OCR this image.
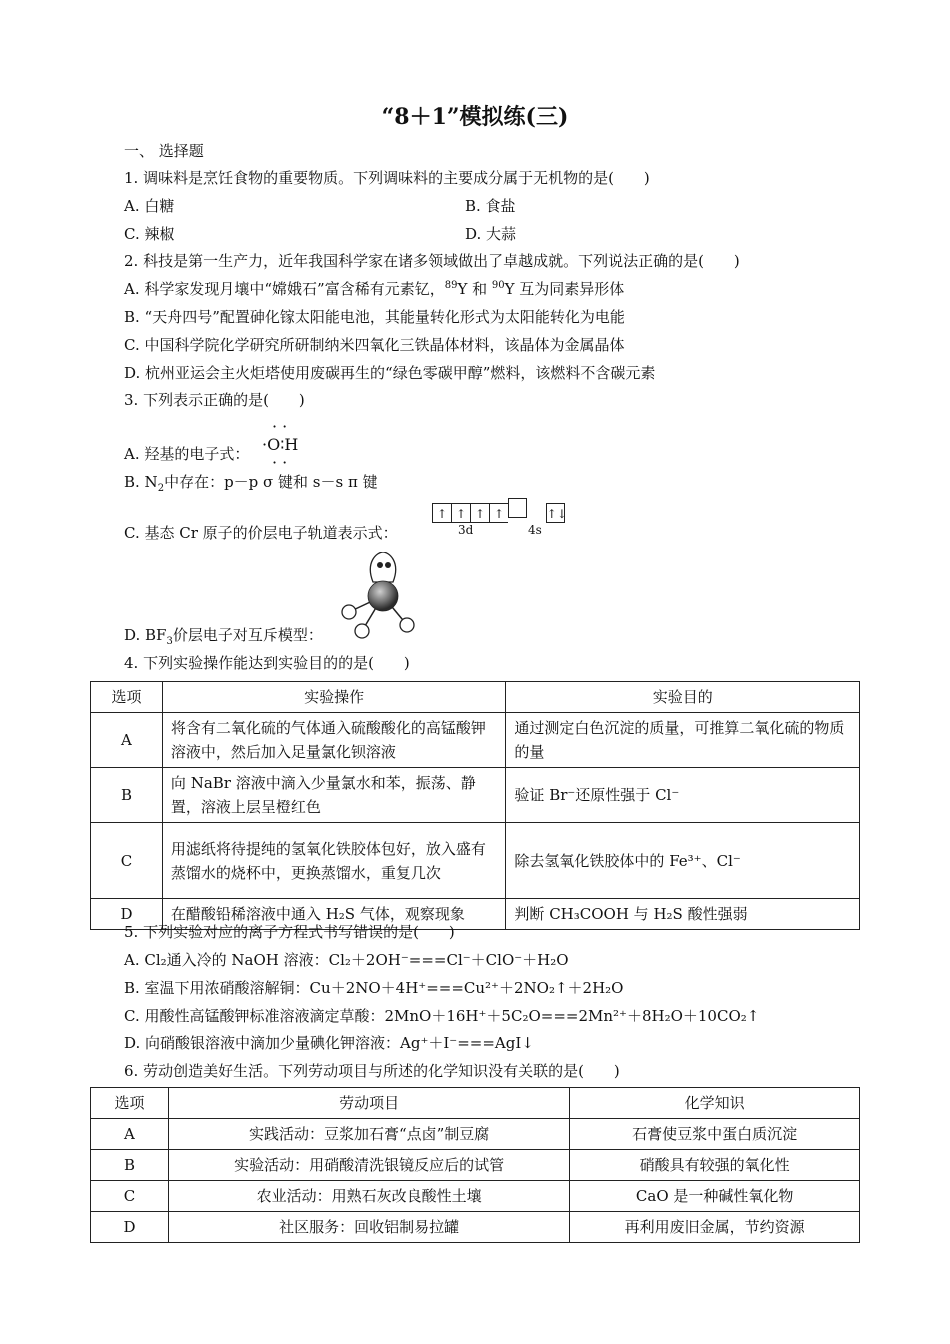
“8＋1”模拟练(三)
一、 选择题
1. 调味料是烹饪食物的重要物质。下列调味料的主要成分属于无机物的是(　　)
A. 白糖	B. 食盐
C. 辣椒	D. 大蒜
2. 科技是第一生产力，近年我国科学家在诸多领域做出了卓越成就。下列说法正确的是(　　)
A. 科学家发现月壤中“嫦娥石”富含稀有元素钇，$^{89}$Y 和 $^{90}$Y 互为同素异形体
B. “天舟四号”配置砷化镓太阳能电池，其能量转化形式为太阳能转化为电能
C. 中国科学院化学研究所研制纳米四氧化三铁晶体材料，该晶体为金属晶体
D. 杭州亚运会主火炬塔使用废碳再生的“绿色零碳甲醇”燃料，该燃料不含碳元素
3. 下列表示正确的是(　　)
A. 羟基的电子式：
· ·
·O∶H
· ·
B. $N_2$中存在：p－p σ 键和 s－s π 键
C. 基态 Cr 原子的价层电子轨道表示式：
↑ ↑ ↑ ↑	↑↓
3d	4s
D. $BF_3$价层电子对互斥模型：
4. 下列实验操作能达到实验目的的是(　　)
选项	实验操作	实验目的
A	将含有二氧化硫的气体通入硫酸酸化的高锰酸钾溶液中，然后加入足量氯化钡溶液	通过测定白色沉淀的质量，可推算二氧化硫的物质的量
B	向 NaBr 溶液中滴入少量氯水和苯，振荡、静置，溶液上层呈橙红色	验证 Br⁻还原性强于 Cl⁻
C	用滤纸将待提纯的氢氧化铁胶体包好，放入盛有蒸馏水的烧杯中，更换蒸馏水，重复几次	除去氢氧化铁胶体中的 Fe³⁺、Cl⁻
D	在醋酸铅稀溶液中通入 H₂S 气体，观察现象	判断 CH₃COOH 与 H₂S 酸性强弱
5. 下列实验对应的离子方程式书写错误的是(　　)
A. Cl₂通入冷的 NaOH 溶液：Cl₂＋2OH⁻===Cl⁻＋ClO⁻＋H₂O
B. 室温下用浓硝酸溶解铜：Cu＋2NO＋4H⁺===Cu²⁺＋2NO₂↑＋2H₂O
C. 用酸性高锰酸钾标准溶液滴定草酸：2MnO＋16H⁺＋5C₂O===2Mn²⁺＋8H₂O＋10CO₂↑
D. 向硝酸银溶液中滴加少量碘化钾溶液：Ag⁺＋I⁻===AgI↓
6. 劳动创造美好生活。下列劳动项目与所述的化学知识没有关联的是(　　)
选项	劳动项目	化学知识
A	实践活动：豆浆加石膏“点卤”制豆腐	石膏使豆浆中蛋白质沉淀
B	实验活动：用硝酸清洗银镜反应后的试管	硝酸具有较强的氧化性
C	农业活动：用熟石灰改良酸性土壤	CaO 是一种碱性氧化物
D	社区服务：回收铝制易拉罐	再利用废旧金属，节约资源
